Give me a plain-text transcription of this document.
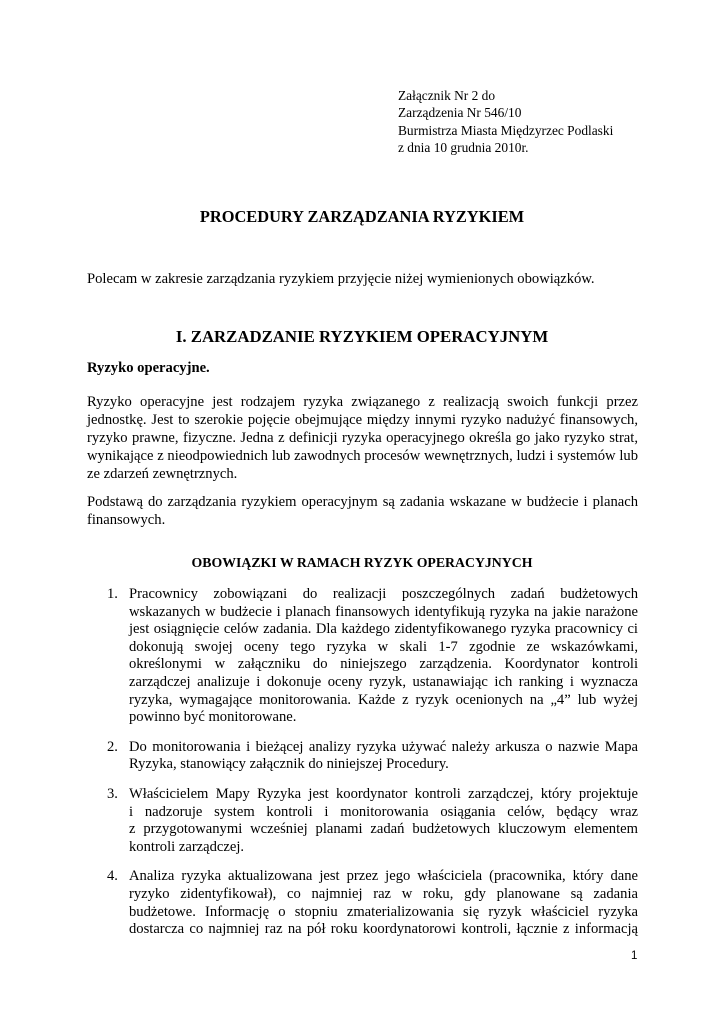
Załącznik Nr 2 do
Zarządzenia Nr 546/10
Burmistrza Miasta Międzyrzec Podlaski
z dnia 10 grudnia 2010r.
PROCEDURY ZARZĄDZANIA RYZYKIEM
Polecam w zakresie zarządzania ryzykiem przyjęcie niżej wymienionych obowiązków.
I. ZARZADZANIE RYZYKIEM OPERACYJNYM
Ryzyko operacyjne.
Ryzyko operacyjne jest rodzajem ryzyka związanego z realizacją swoich funkcji przez
jednostkę. Jest to szerokie pojęcie obejmujące między innymi ryzyko nadużyć finansowych,
ryzyko prawne, fizyczne. Jedna z definicji ryzyka operacyjnego określa go jako ryzyko strat,
wynikające z nieodpowiednich lub zawodnych procesów wewnętrznych, ludzi i systemów lub
ze zdarzeń zewnętrznych.
Podstawą do zarządzania ryzykiem operacyjnym są zadania wskazane w budżecie i planach
finansowych.
OBOWIĄZKI W RAMACH RYZYK OPERACYJNYCH
1. Pracownicy zobowiązani do realizacji poszczególnych zadań budżetowych
wskazanych w budżecie i planach finansowych identyfikują ryzyka na jakie narażone
jest osiągnięcie celów zadania. Dla każdego zidentyfikowanego ryzyka pracownicy ci
dokonują swojej oceny tego ryzyka w skali 1-7 zgodnie ze wskazówkami,
określonymi w załączniku do niniejszego zarządzenia. Koordynator kontroli
zarządczej analizuje i dokonuje oceny ryzyk, ustanawiając ich ranking i wyznacza
ryzyka, wymagające monitorowania. Każde z ryzyk ocenionych na „4” lub wyżej
powinno być monitorowane.
2. Do monitorowania i bieżącej analizy ryzyka używać należy arkusza o nazwie Mapa
Ryzyka, stanowiący załącznik do niniejszej Procedury.
3. Właścicielem Mapy Ryzyka jest koordynator kontroli zarządczej, który projektuje
i nadzoruje system kontroli i monitorowania osiągania celów, będący wraz
z przygotowanymi wcześniej planami zadań budżetowych kluczowym elementem
kontroli zarządczej.
4. Analiza ryzyka aktualizowana jest przez jego właściciela (pracownika, który dane
ryzyko zidentyfikował), co najmniej raz w roku, gdy planowane są zadania
budżetowe. Informację o stopniu zmaterializowania się ryzyk właściciel ryzyka
dostarcza co najmniej raz na pół roku koordynatorowi kontroli, łącznie z informacją
1
